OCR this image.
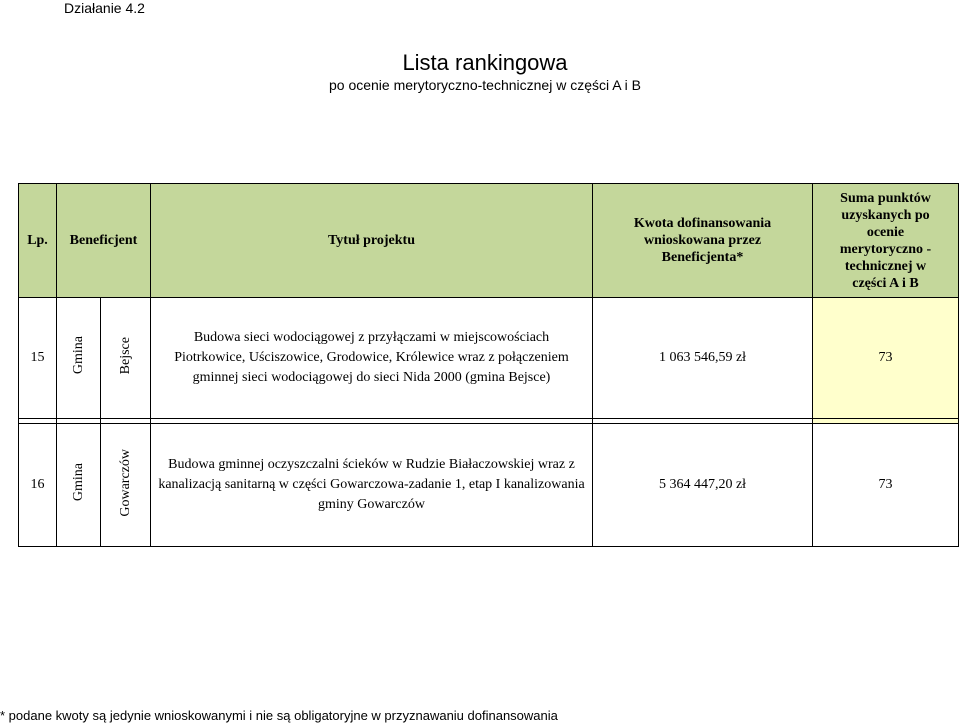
Działanie 4.2
Lista rankingowa
po ocenie merytoryczno-technicznej w części A i B
Lp.	Beneficjent		Tytuł projektu	Kwota dofinansowania wnioskowana przez Beneficjenta*	Suma punktów uzyskanych po ocenie merytoryczno -technicznej w części A i B

15	Gmina	Bejsce	Budowa sieci wodociągowej z przyłączami w miejscowościach Piotrkowice, Uściszowice, Grodowice, Królewice wraz z połączeniem gminnej sieci wodociągowej do sieci Nida 2000 (gmina Bejsce)	1 063 546,59 zł	73

16	Gmina	Gowarczów	Budowa gminnej oczyszczalni ścieków w Rudzie Białaczowskiej wraz z kanalizacją sanitarną w części Gowarczowa-zadanie 1, etap I kanalizowania gminy Gowarczów	5 364 447,20 zł	73
* podane kwoty są jedynie wnioskowanymi i nie są obligatoryjne w przyznawaniu dofinansowania
